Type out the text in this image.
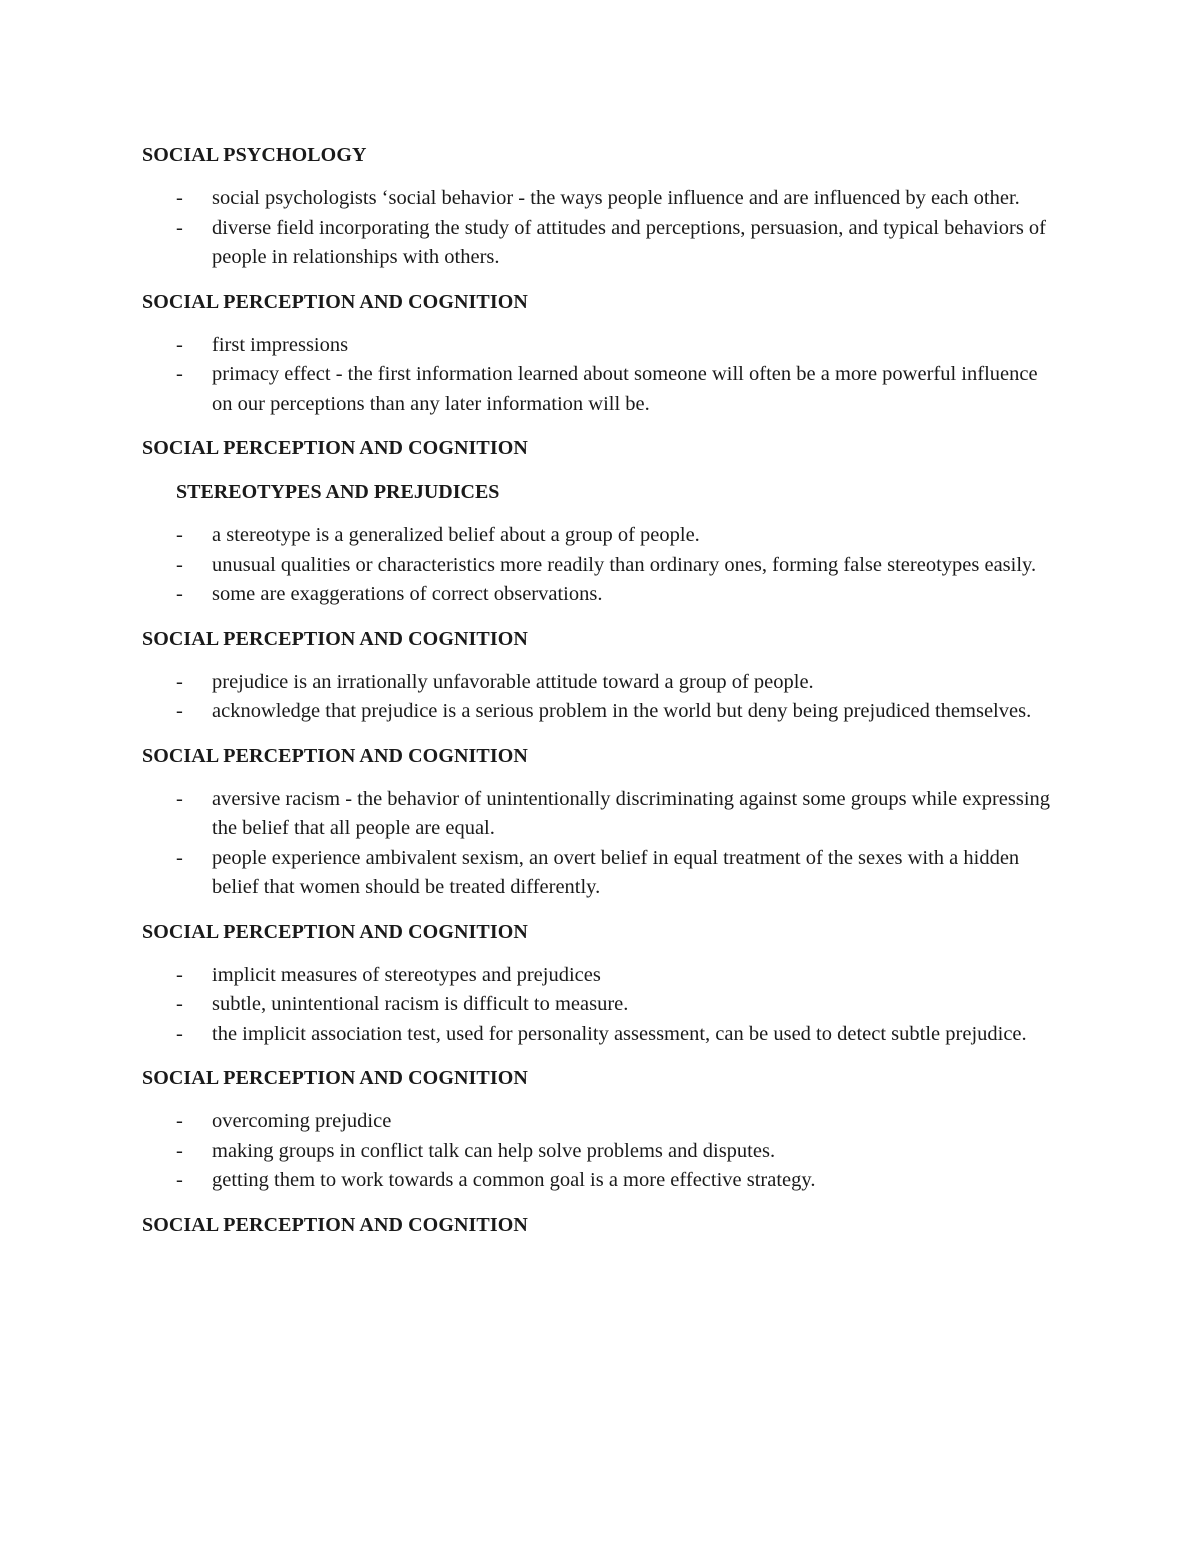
SOCIAL PSYCHOLOGY
- social psychologists ‘social behavior - the ways people influence and are influenced by each other.
- diverse field incorporating the study of attitudes and perceptions, persuasion, and typical behaviors of people in relationships with others.
SOCIAL PERCEPTION AND COGNITION
- first impressions
- primacy effect - the first information learned about someone will often be a more powerful influence on our perceptions than any later information will be.
SOCIAL PERCEPTION AND COGNITION
STEREOTYPES AND PREJUDICES
- a stereotype is a generalized belief about a group of people.
- unusual qualities or characteristics more readily than ordinary ones, forming false stereotypes easily.
- some are exaggerations of correct observations.
SOCIAL PERCEPTION AND COGNITION
- prejudice is an irrationally unfavorable attitude toward a group of people.
- acknowledge that prejudice is a serious problem in the world but deny being prejudiced themselves.
SOCIAL PERCEPTION AND COGNITION
- aversive racism - the behavior of unintentionally discriminating against some groups while expressing the belief that all people are equal.
- people experience ambivalent sexism, an overt belief in equal treatment of the sexes with a hidden belief that women should be treated differently.
SOCIAL PERCEPTION AND COGNITION
- implicit measures of stereotypes and prejudices
- subtle, unintentional racism is difficult to measure.
- the implicit association test, used for personality assessment, can be used to detect subtle prejudice.
SOCIAL PERCEPTION AND COGNITION
- overcoming prejudice
- making groups in conflict talk can help solve problems and disputes.
- getting them to work towards a common goal is a more effective strategy.
SOCIAL PERCEPTION AND COGNITION
